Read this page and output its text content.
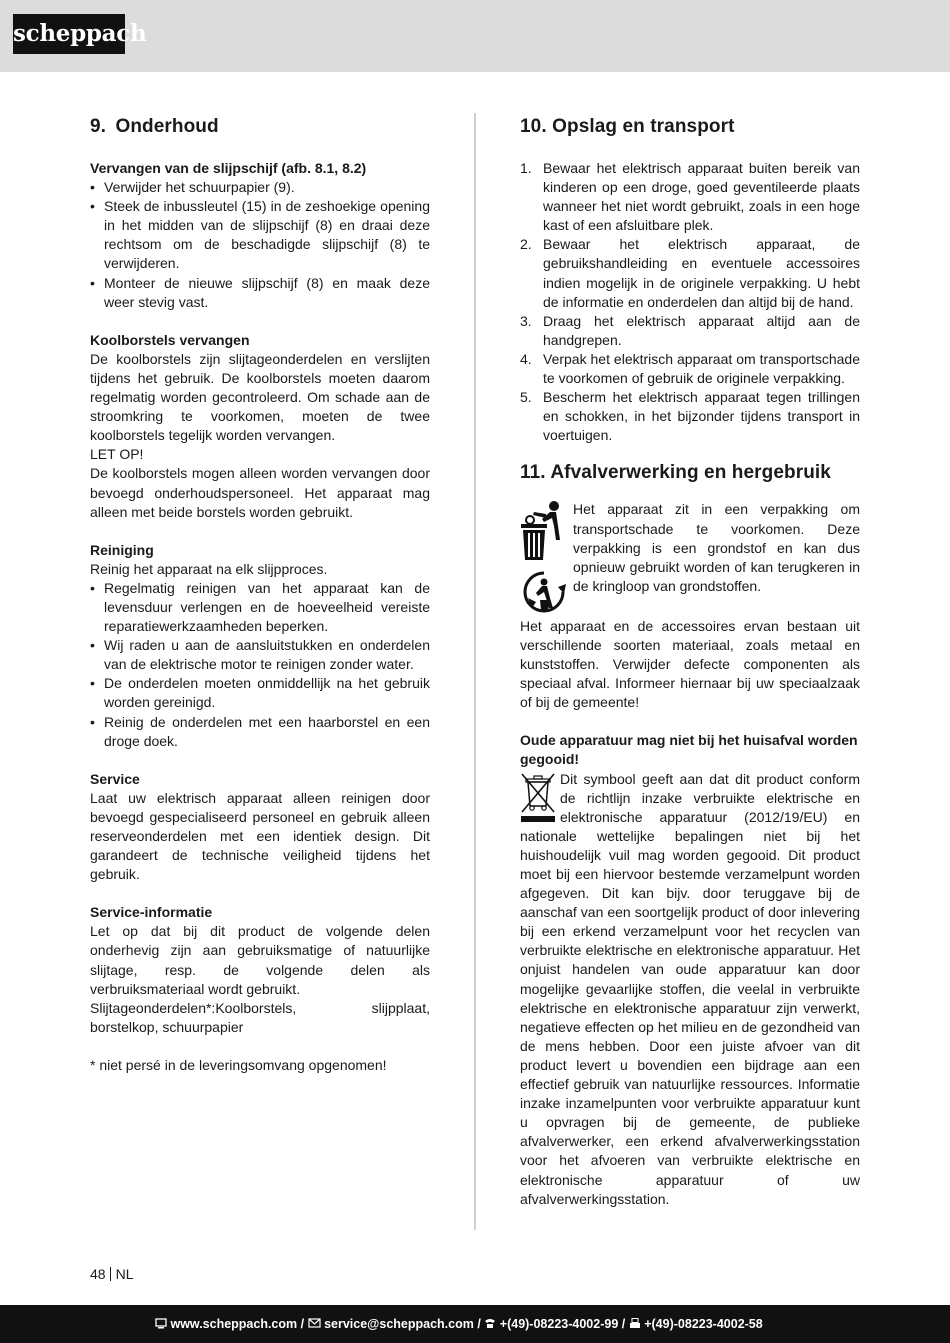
scheppach
9. Onderhoud
Vervangen van de slijpschijf (afb. 8.1, 8.2)
• Verwijder het schuurpapier (9).
• Steek de inbussleutel (15) in de zeshoekige opening in het midden van de slijpschijf (8) en draai deze rechtsom om de beschadigde slijpschijf (8) te verwijderen.
• Monteer de nieuwe slijpschijf (8) en maak deze weer stevig vast.
Koolborstels vervangen

De koolborstels zijn slijtageonderdelen en verslijten tijdens het gebruik. De koolborstels moeten daarom regelmatig worden gecontroleerd. Om schade aan de stroomkring te voorkomen, moeten de twee koolborstels tegelijk worden vervangen.

LET OP!

De koolborstels mogen alleen worden vervangen door bevoegd onderhoudspersoneel. Het apparaat mag alleen met beide borstels worden gebruikt.

Reiniging

Reinig het apparaat na elk slijpproces.

• Regelmatig reinigen van het apparaat kan de levensduur verlengen en de hoeveelheid vereiste reparatiewerkzaamheden beperken.
• Wij raden u aan de aansluitstukken en onderdelen van de elektrische motor te reinigen zonder water.
• De onderdelen moeten onmiddellijk na het gebruik worden gereinigd.
• Reinig de onderdelen met een haarborstel en een droge doek.
Service

Laat uw elektrisch apparaat alleen reinigen door bevoegd gespecialiseerd personeel en gebruik alleen reserveonderdelen met een identiek design. Dit garandeert de technische veiligheid tijdens het gebruik.

Service-informatie

Let op dat bij dit product de volgende delen onderhevig zijn aan gebruiksmatige of natuurlijke slijtage, resp. de volgende delen als verbruiksmateriaal wordt gebruikt.

Slijtageonderdelen*:Koolborstels, slijpplaat, borstelkop, schuurpapier

* niet persé in de leveringsomvang opgenomen!

10. Opslag en transport
1. Bewaar het elektrisch apparaat buiten bereik van kinderen op een droge, goed geventileerde plaats wanneer het niet wordt gebruikt, zoals in een hoge kast of een afsluitbare plek.
2. Bewaar het elektrisch apparaat, de gebruikshandleiding en eventuele accessoires indien mogelijk in de originele verpakking. U hebt de informatie en onderdelen dan altijd bij de hand.
3. Draag het elektrisch apparaat altijd aan de handgrepen.
4. Verpak het elektrisch apparaat om transportschade te voorkomen of gebruik de originele verpakking.
5. Bescherm het elektrisch apparaat tegen trillingen en schokken, in het bijzonder tijdens transport in voertuigen.
11. Afvalverwerking en hergebruik

Het apparaat zit in een verpakking om transportschade te voorkomen. Deze verpakking is een grondstof en kan dus opnieuw gebruikt worden of kan terugkeren in de kringloop van grondstoffen.

Het apparaat en de accessoires ervan bestaan uit verschillende soorten materiaal, zoals metaal en kunststoffen. Verwijder defecte componenten als speciaal afval. Informeer hiernaar bij uw speciaalzaak of bij de gemeente!

Oude apparatuur mag niet bij het huisafval worden gegooid!

Dit symbool geeft aan dat dit product conform de richtlijn inzake verbruikte elektrische en elektronische apparatuur (2012/19/EU) en nationale wettelijke bepalingen niet bij het huishoudelijk vuil mag worden gegooid. Dit product moet bij een hiervoor bestemde verzamelpunt worden afgegeven. Dit kan bijv. door teruggave bij de aanschaf van een soortgelijk product of door inlevering bij een erkend verzamelpunt voor het recyclen van verbruikte elektrische en elektronische apparatuur. Het onjuist handelen van oude apparatuur kan door mogelijke gevaarlijke stoffen, die veelal in verbruikte elektrische en elektronische apparatuur zijn verwerkt, negatieve effecten op het milieu en de gezondheid van de mens hebben. Door een juiste afvoer van dit product levert u bovendien een bijdrage aan een effectief gebruik van natuurlijke ressources. Informatie inzake inzamelpunten voor verbruikte apparatuur kunt u opvragen bij de gemeente, de publieke afvalverwerker, een erkend afvalverwerkingsstation voor het afvoeren van verbruikte elektrische en elektronische apparatuur of uw afvalverwerkingsstation.

48 NL
www.scheppach.com / service@scheppach.com / +(49)-08223-4002-99 / +(49)-08223-4002-58
